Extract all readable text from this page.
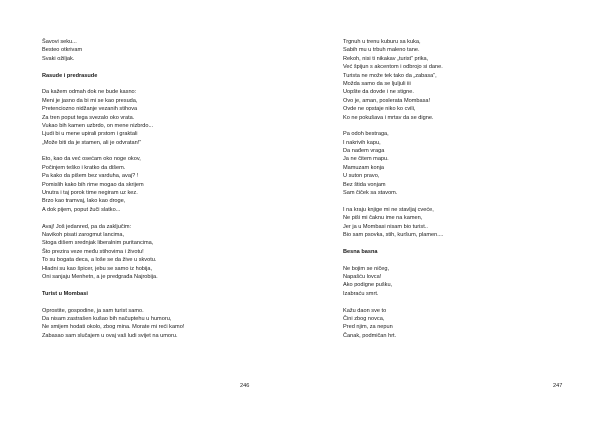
Šavovi seku...
Besteo otkrivam
Svaki ožiljak.
Rasude i predrasude
Da kažem odmah dok ne bude kasno:
Meni je jasno da bi mi se kao presuda,
Pretenciozno nidžanje vezanih stihova
Za tren poput tega svezalo oko vrata.
Vukao bih kamen uzbrdo, on mene nizbrdo...
Ljudi bi u mene upirali prstom i graktali
„Može biti da je stamen, ali je odvratan!“
Eto, kao da već osećam oko noge okov,
Počinjem teško i kratko da dišem.
Pa kako da pišem bez varduha, avaj? !
Pomislih kako bih rime mogao da skrijem
Unutra i taj porok time negiram uz kez.
Brzo kao tramvaj, lako kao droge,
A dok pijem, poput žuči slatko...
Avaj! Još jedanred, pa da zaključim:
Navikoh pisati zarogmut lancima,
Stoga dišem srednjak liberalnim puritancima,
Što prezira veze među stihovima i životu!
To su bogata deca, a loše se da žive u skvotu.
Hladni su kao špicer, jebu se samo iz hobija,
Oni sanjaju Menhetn, a je predgrađa Najrobija.
Turist u Mombasi
Oprostite, gospodine, ja sam turist samo.
Da nisam zastrašen kušao bih načuptehu u humoru,
Ne smijem hodati okolo, zbog mina. Morate mi reći kamo!
Zabasao sam slučajem u ovaj vaš ludi svijet na umoru.
246
Trgnuh u trenu kuburu sa kuka,
Sabih mu u trbuh maleno tane.
Rekoh, nisi ti nikakav „turist“ prika,
Već špijun s akcentom i odbrojo si dane.
Turista ne može tek tako da „zabasa“,
Možda samo da se ljuljuli iii
Uopšte da dovde i ne stigne.
Ovo je, aman, poslerata Mombasa!
Ovde ne opstaje niko ko cvili,
Ko ne pokušava i mrtav da se digne.
Pa odoh bestraga,
I nakrivih kapu,
Da nađem vraga
Ja ne čitem mapu.
Mamuzam konja
U suton pravo,
Bez štida vonjam
Sam čiček sa stavom.
I na kraju knjige mi ne stavljaj cveće,
Ne piši mi čaknu ime na kamen,
Jer ja u Mombasi nisam bio turist..
Bio sam psovka, stih, kuršum, plamen....
Besna basna
Ne bojim se ničeg,
Napašću lovca!
Ako podigne pušku,
Izabraću smrt.
Kažu daon sve to
Čini zbog novca,
Pred njim, za nepun
Čanak, podmičan hrt.
247
